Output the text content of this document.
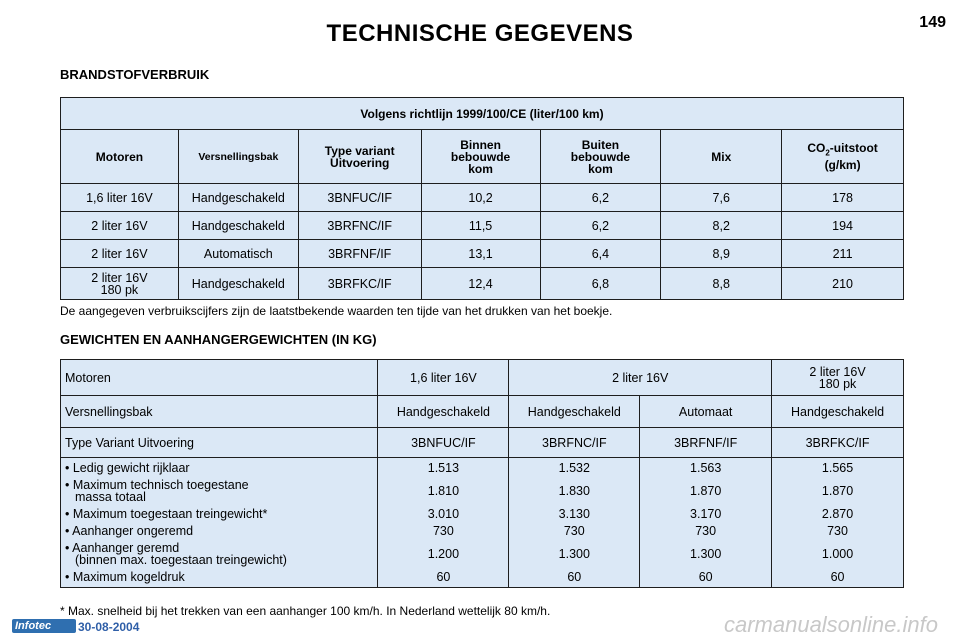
TECHNISCHE GEGEVENS	149
BRANDSTOFVERBRUIK
Volgens richtlijn 1999/100/CE (liter/100 km)						
Motoren	Versnellingsbak	Type variant
Uitvoering	Binnen
bebouwde
kom	Buiten
bebouwde
kom	Mix	$CO_2$-uitstoot
(g/km)
1,6 liter 16V	Handgeschakeld	3BNFUC/IF	10,2	6,2	7,6	178
2 liter 16V	Handgeschakeld	3BRFNC/IF	11,5	6,2	8,2	194
2 liter 16V	Automatisch	3BRFNF/IF	13,1	6,4	8,9	211
2 liter 16V
180 pk	Handgeschakeld	3BRFKC/IF	12,4	6,8	8,8	210
De aangegeven verbruikscijfers zijn de laatstbekende waarden ten tijde van het drukken van het boekje.
GEWICHTEN EN AANHANGERGEWICHTEN (IN KG)
Motoren	1,6 liter 16V	2 liter 16V		2 liter 16V
180 pk
Versnellingsbak	Handgeschakeld	Handgeschakeld	Automaat	Handgeschakeld
Type Variant Uitvoering	3BNFUC/IF	3BRFNC/IF	3BRFNF/IF	3BRFKC/IF
• Ledig gewicht rijklaar	1.513	1.532	1.563	1.565
• Maximum technisch toegestane
massa totaal	1.810	1.830	1.870	1.870
• Maximum toegestaan treingewicht*	3.010	3.130	3.170	2.870
• Aanhanger ongeremd	730	730	730	730
• Aanhanger geremd
(binnen max. toegestaan treingewicht)	1.200	1.300	1.300	1.000
• Maximum kogeldruk	60	60	60	60
* Max. snelheid bij het trekken van een aanhanger 100 km/h. In Nederland wettelijk 80 km/h.
Infotec	30-08-2004	carmanualsonline.info
